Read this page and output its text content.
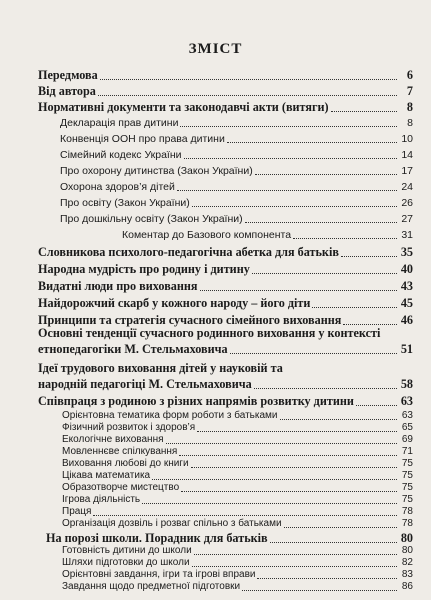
ЗМІСТ
Передмова	6
Від автора	7
Нормативні документи та законодавчі акти (витяги)	8
Декларація прав дитини	8
Конвенція ООН про права дитини	10
Сімейний кодекс України	14
Про охорону дитинства (Закон України)	17
Охорона здоров’я дітей	24
Про освіту (Закон України)	26
Про дошкільну освіту (Закон України)	27
Коментар до Базового компонента	31
Словникова психолого-педагогічна абетка для батьків	35
Народна мудрість про родину і дитину	40
Видатні люди про виховання	43
Найдорожчий скарб у кожного народу – його діти	45
Принципи та стратегія сучасного сімейного виховання	46
Основні тенденції сучасного родинного виховання у контексті
етнопедагогіки М. Стельмаховича	51
Ідеї трудового виховання дітей у науковій та
народній педагогіці М. Стельмаховича	58
Співпраця з родиною з різних напрямів розвитку дитини	63
Орієнтовна тематика форм роботи з батьками	63
Фізичний розвиток і здоров’я	65
Екологічне виховання	69
Мовленнєве спілкування	71
Виховання любові до книги	75
Цікава математика	75
Образотворче мистецтво	75
Ігрова діяльність	75
Праця	78
Організація дозвіль і розваг спільно з батьками	78
На порозі школи. Порадник для батьків	80
Готовність дитини до школи	80
Шляхи підготовки до школи	82
Орієнтовні завдання, ігри та ігрові вправи	83
Завдання щодо предметної підготовки	86
